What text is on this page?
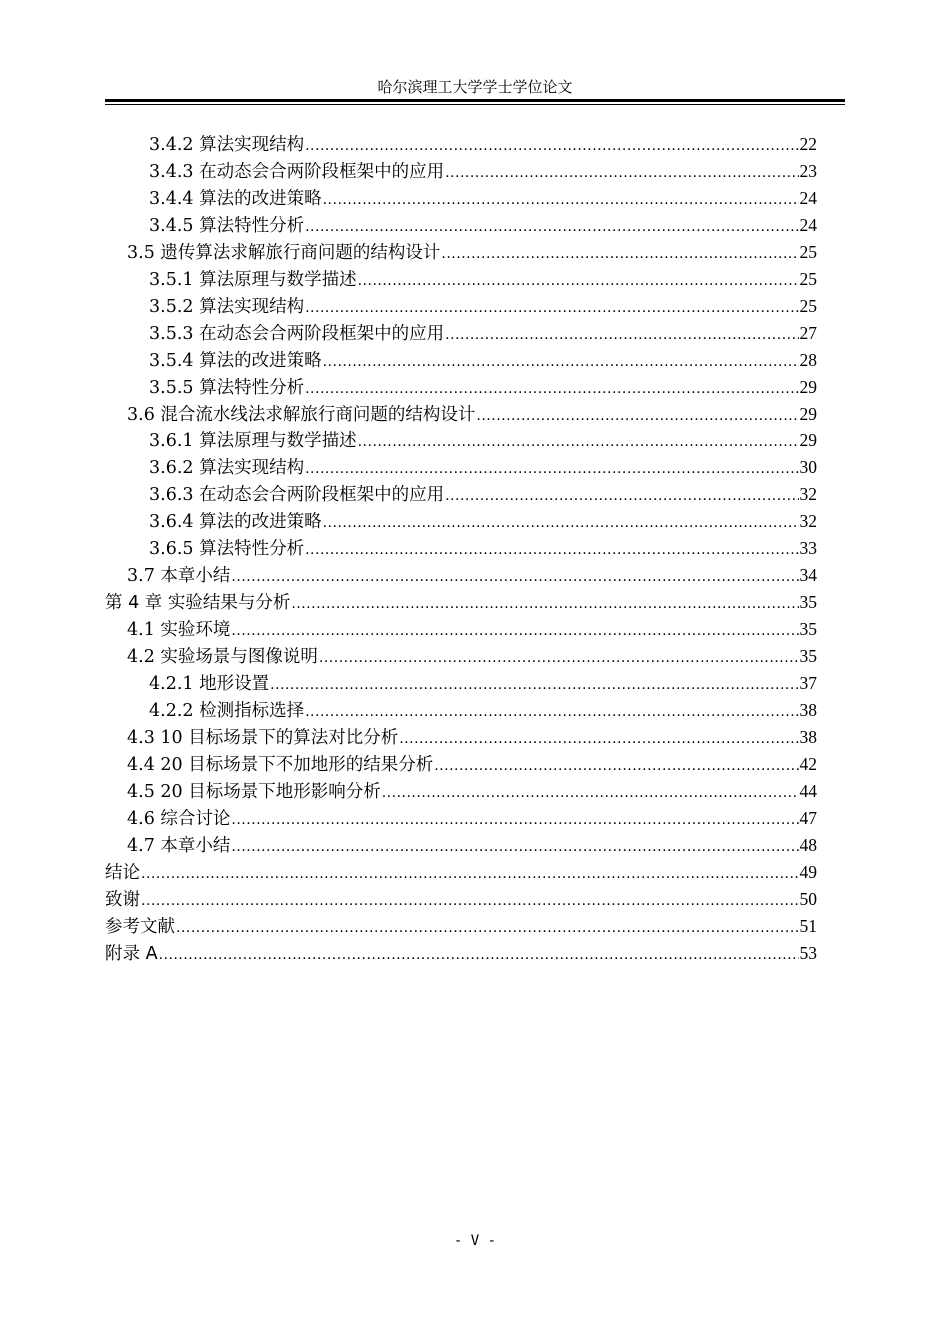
哈尔滨理工大学学士学位论文
3.4.2 算法实现结构 .....	22
3.4.3 在动态会合两阶段框架中的应用 .....	23
3.4.4 算法的改进策略 .....	24
3.4.5 算法特性分析 .....	24
3.5 遗传算法求解旅行商问题的结构设计 .....	25
3.5.1 算法原理与数学描述 .....	25
3.5.2 算法实现结构 .....	25
3.5.3 在动态会合两阶段框架中的应用 .....	27
3.5.4 算法的改进策略 .....	28
3.5.5 算法特性分析 .....	29
3.6 混合流水线法求解旅行商问题的结构设计 .....	29
3.6.1 算法原理与数学描述 .....	29
3.6.2 算法实现结构 .....	30
3.6.3 在动态会合两阶段框架中的应用 .....	32
3.6.4 算法的改进策略 .....	32
3.6.5 算法特性分析 .....	33
3.7 本章小结 .....	34
第 4 章 实验结果与分析 .....	35
4.1 实验环境 .....	35
4.2 实验场景与图像说明 .....	35
4.2.1 地形设置 .....	37
4.2.2 检测指标选择 .....	38
4.3 10 目标场景下的算法对比分析 .....	38
4.4 20 目标场景下不加地形的结果分析 .....	42
4.5 20 目标场景下地形影响分析 .....	44
4.6 综合讨论 .....	47
4.7 本章小结 .....	48
结论 .....	49
致谢 .....	50
参考文献 .....	51
附录 A .....	53
- V -
